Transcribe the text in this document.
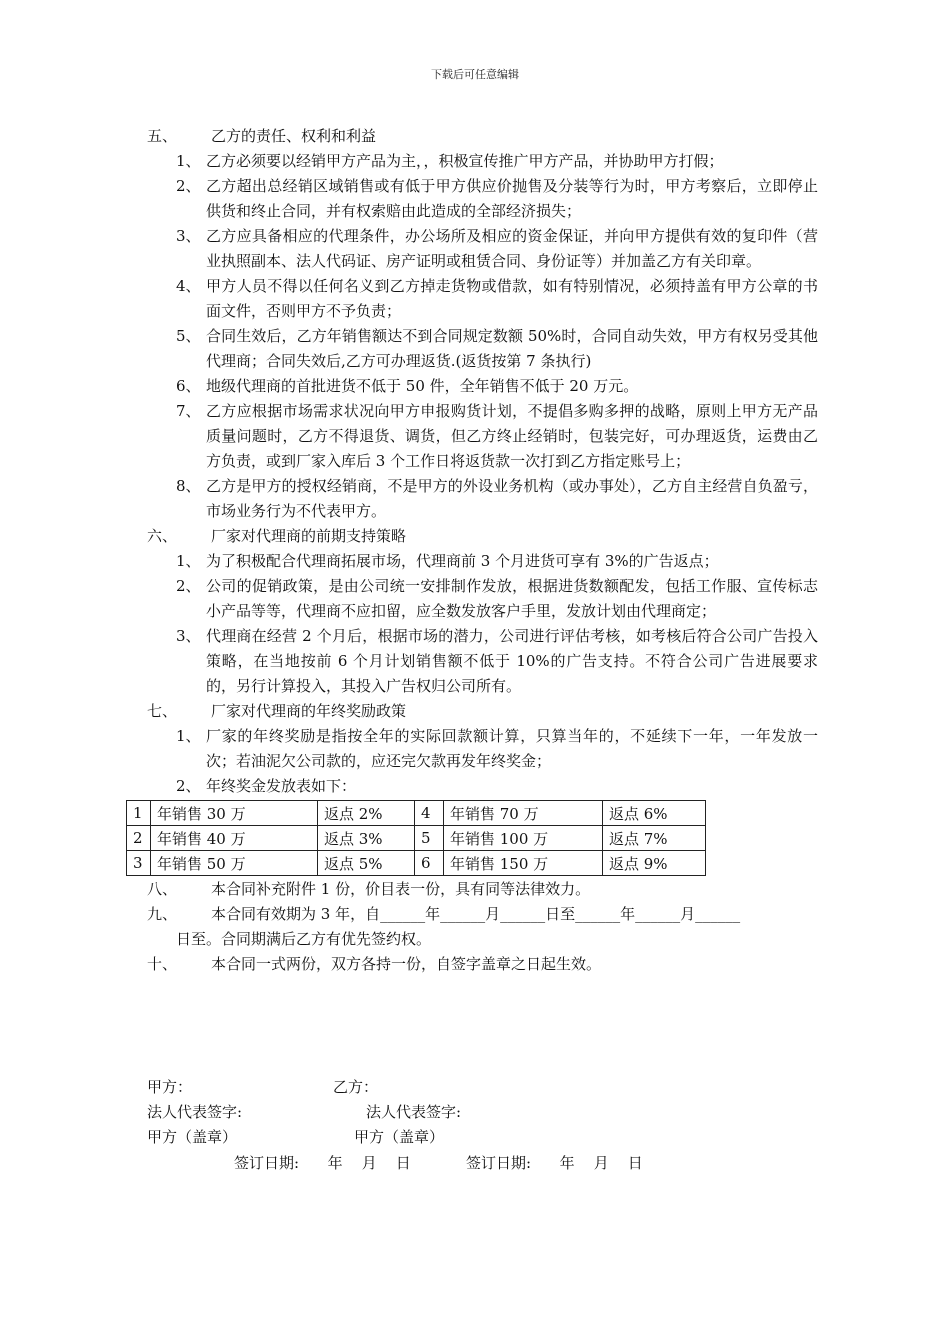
下载后可任意编辑
五、 乙方的责任、权利和利益
1、 乙方必须要以经销甲方产品为主，，积极宣传推广甲方产品，并协助甲方打假；
2、 乙方超出总经销区域销售或有低于甲方供应价抛售及分装等行为时，甲方考察后，立即停止供货和终止合同，并有权索赔由此造成的全部经济损失；
3、 乙方应具备相应的代理条件，办公场所及相应的资金保证，并向甲方提供有效的复印件（营业执照副本、法人代码证、房产证明或租赁合同、身份证等）并加盖乙方有关印章。
4、 甲方人员不得以任何名义到乙方掉走货物或借款，如有特别情况，必须持盖有甲方公章的书面文件，否则甲方不予负责；
5、 合同生效后，乙方年销售额达不到合同规定数额 50%时，合同自动失效，甲方有权另受其他代理商；合同失效后,乙方可办理返货.(返货按第 7 条执行)
6、 地级代理商的首批进货不低于 50 件，全年销售不低于 20 万元。
7、 乙方应根据市场需求状况向甲方申报购货计划，不提倡多购多押的战略，原则上甲方无产品质量问题时，乙方不得退货、调货，但乙方终止经销时，包装完好，可办理返货，运费由乙方负责，或到厂家入库后 3 个工作日将返货款一次打到乙方指定账号上；
8、 乙方是甲方的授权经销商，不是甲方的外设业务机构（或办事处），乙方自主经营自负盈亏，市场业务行为不代表甲方。
六、 厂家对代理商的前期支持策略
1、 为了积极配合代理商拓展市场，代理商前 3 个月进货可享有 3%的广告返点；
2、 公司的促销政策，是由公司统一安排制作发放，根据进货数额配发，包括工作服、宣传标志小产品等等，代理商不应扣留，应全数发放客户手里，发放计划由代理商定；
3、 代理商在经营 2 个月后，根据市场的潜力，公司进行评估考核，如考核后符合公司广告投入策略，在当地按前 6 个月计划销售额不低于 10%的广告支持。不符合公司广告进展要求的，另行计算投入，其投入广告权归公司所有。
七、 厂家对代理商的年终奖励政策
1、 厂家的年终奖励是指按全年的实际回款额计算，只算当年的，不延续下一年，一年发放一次；若油泥欠公司款的，应还完欠款再发年终奖金；
2、 年终奖金发放表如下：
1	年销售 30 万	返点 2%	4	年销售 70 万	返点 6%
2	年销售 40 万	返点 3%	5	年销售 100 万	返点 7%
3	年销售 50 万	返点 5%	6	年销售 150 万	返点 9%
八、 本合同补充附件 1 份，价目表一份，具有同等法律效力。
九、 本合同有效期为 3 年，自______年______月______日至______年______月______
日至。合同期满后乙方有优先签约权。
十、 本合同一式两份，双方各持一份，自签字盖章之日起生效。
甲方：	乙方：
法人代表签字:	法人代表签字:
甲方（盖章）	甲方（盖章）
签订日期:      年    月    日	签订日期:      年    月    日
